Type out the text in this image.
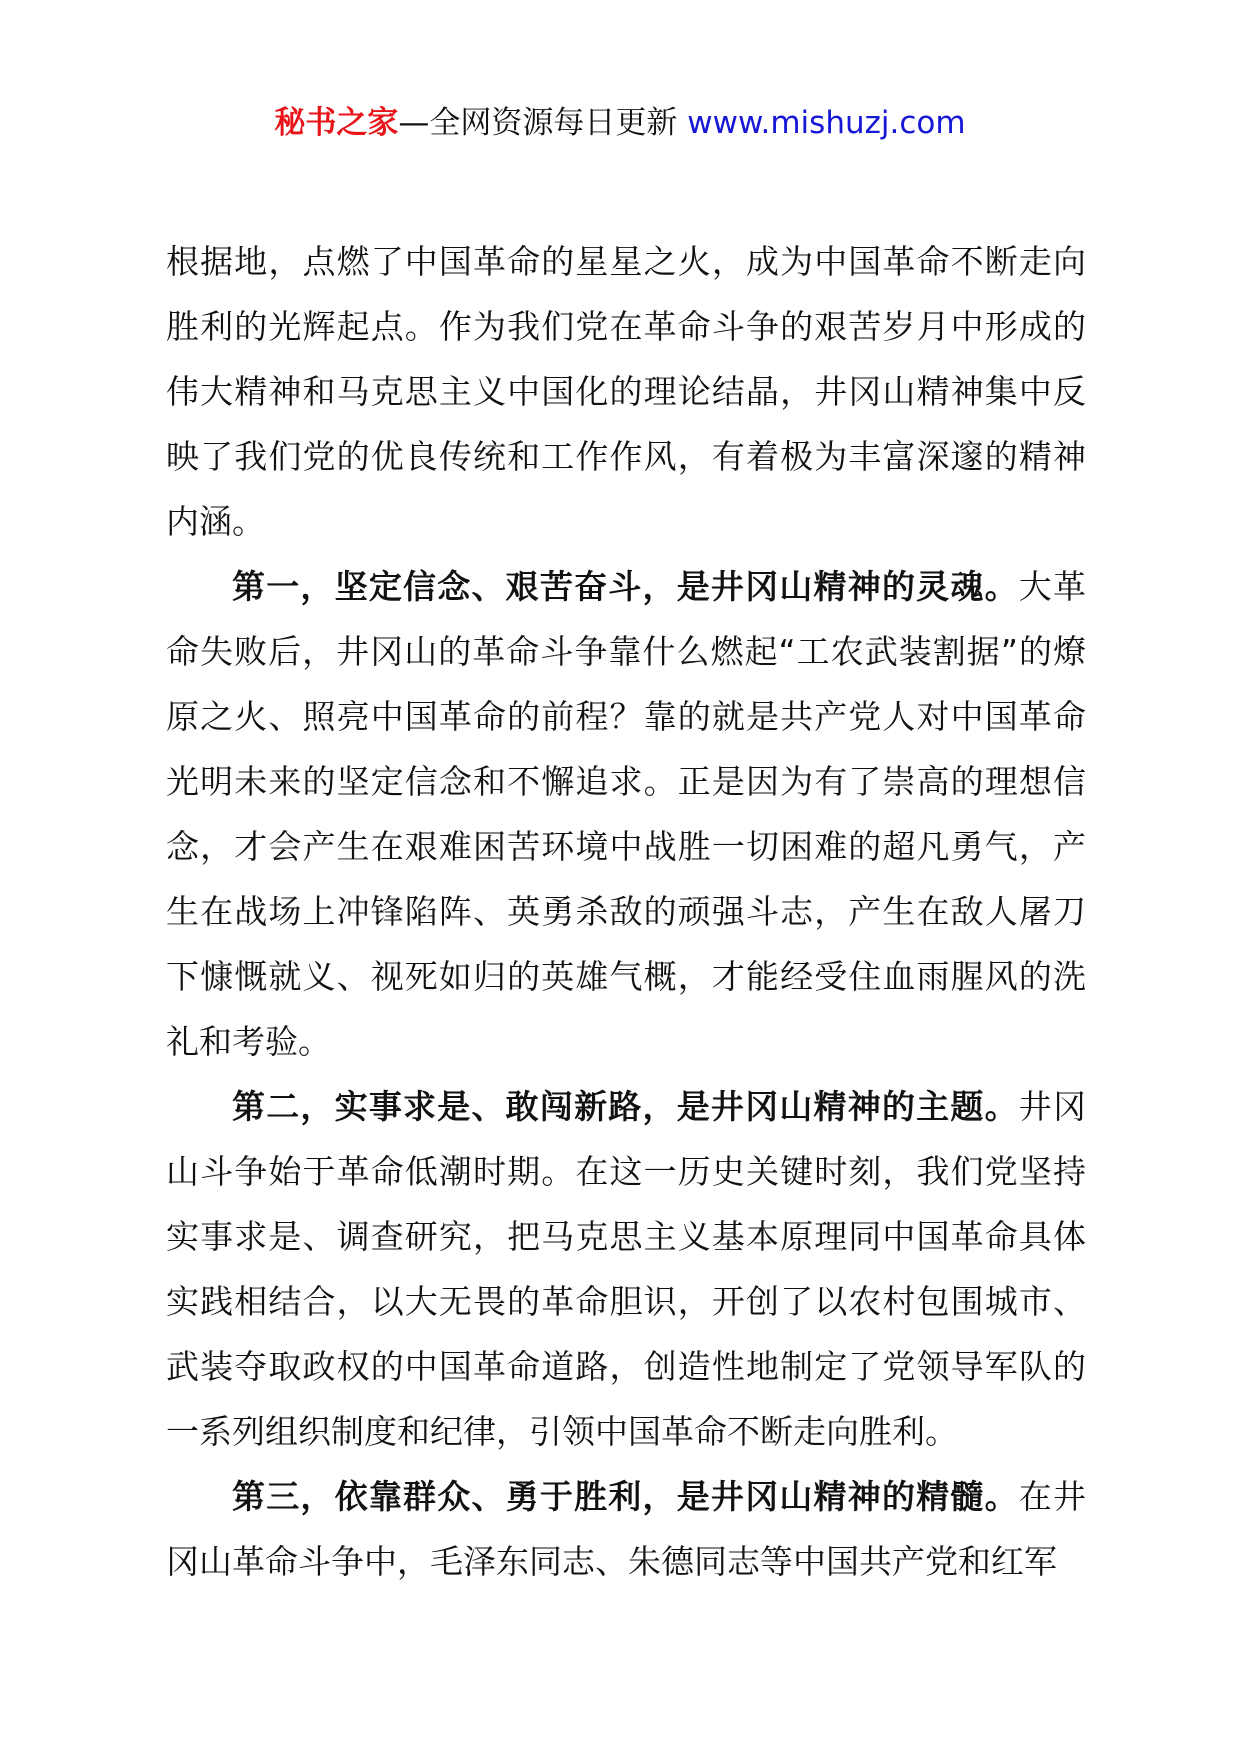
秘书之家—全网资源每日更新 www.mishuzj.com

根据地，点燃了中国革命的星星之火，成为中国革命不断走向胜利的光辉起点。作为我们党在革命斗争的艰苦岁月中形成的伟大精神和马克思主义中国化的理论结晶，井冈山精神集中反映了我们党的优良传统和工作作风，有着极为丰富深邃的精神内涵。

第一，坚定信念、艰苦奋斗，是井冈山精神的灵魂。大革命失败后，井冈山的革命斗争靠什么燃起“工农武装割据”的燎原之火、照亮中国革命的前程？靠的就是共产党人对中国革命光明未来的坚定信念和不懈追求。正是因为有了崇高的理想信念，才会产生在艰难困苦环境中战胜一切困难的超凡勇气，产生在战场上冲锋陷阵、英勇杀敌的顽强斗志，产生在敌人屠刀下慷慨就义、视死如归的英雄气概，才能经受住血雨腥风的洗礼和考验。

第二，实事求是、敢闯新路，是井冈山精神的主题。井冈山斗争始于革命低潮时期。在这一历史关键时刻，我们党坚持实事求是、调查研究，把马克思主义基本原理同中国革命具体实践相结合，以大无畏的革命胆识，开创了以农村包围城市、武装夺取政权的中国革命道路，创造性地制定了党领导军队的一系列组织制度和纪律，引领中国革命不断走向胜利。

第三，依靠群众、勇于胜利，是井冈山精神的精髓。在井冈山革命斗争中，毛泽东同志、朱德同志等中国共产党和红军
